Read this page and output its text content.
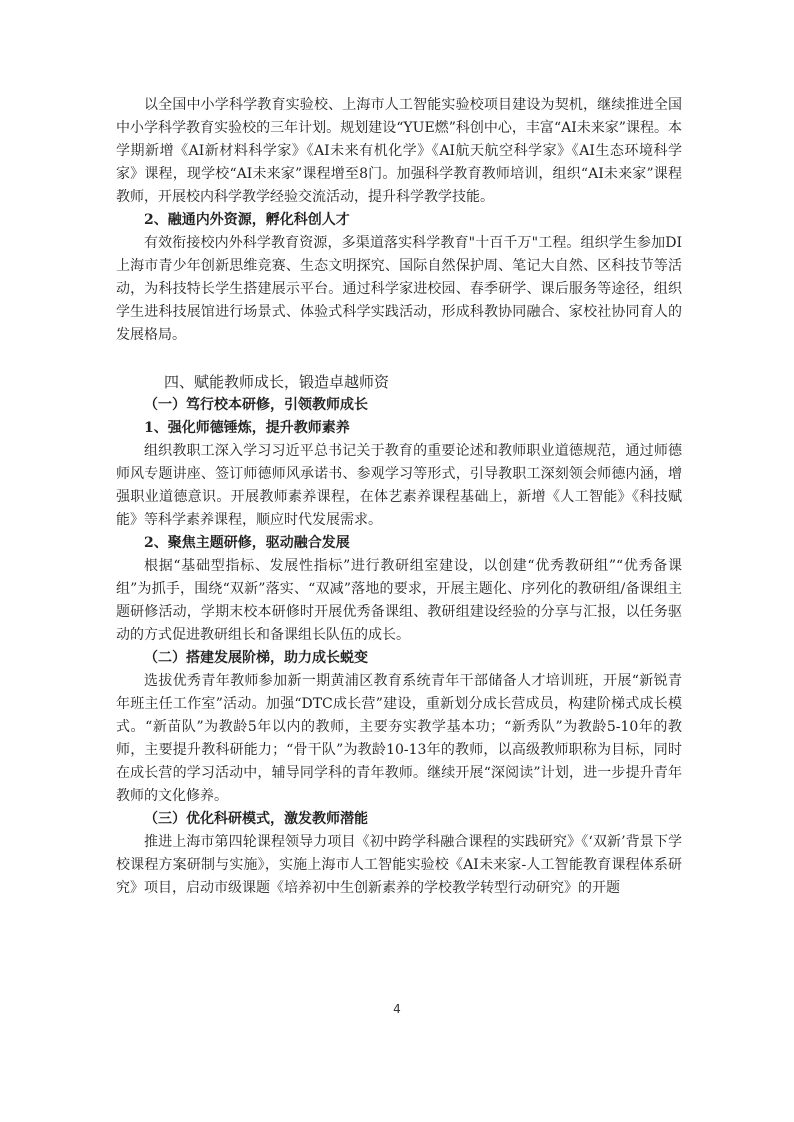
以全国中小学科学教育实验校、上海市人工智能实验校项目建设为契机，继续推进全国中小学科学教育实验校的三年计划。规划建设“YUE燃”科创中心，丰富“AI未来家”课程。本学期新增《AI新材料科学家》《AI未来有机化学》《AI航天航空科学家》《AI生态环境科学家》课程，现学校“AI未来家”课程增至8门。加强科学教育教师培训，组织“AI未来家”课程教师，开展校内科学教学经验交流活动，提升科学教学技能。

2、融通内外资源，孵化科创人才

有效衔接校内外科学教育资源，多渠道落实科学教育"十百千万"工程。组织学生参加DI上海市青少年创新思维竞赛、生态文明探究、国际自然保护周、笔记大自然、区科技节等活动，为科技特长学生搭建展示平台。通过科学家进校园、春季研学、课后服务等途径，组织学生进科技展馆进行场景式、体验式科学实践活动，形成科教协同融合、家校社协同育人的发展格局。

四、赋能教师成长，锻造卓越师资

（一）笃行校本研修，引领教师成长

1、强化师德锤炼，提升教师素养

组织教职工深入学习习近平总书记关于教育的重要论述和教师职业道德规范，通过师德师风专题讲座、签订师德师风承诺书、参观学习等形式，引导教职工深刻领会师德内涵，增强职业道德意识。开展教师素养课程，在体艺素养课程基础上，新增《人工智能》《科技赋能》等科学素养课程，顺应时代发展需求。

2、聚焦主题研修，驱动融合发展

根据“基础型指标、发展性指标”进行教研组室建设，以创建“优秀教研组”“优秀备课组”为抓手，围绕“双新”落实、“双减”落地的要求，开展主题化、序列化的教研组/备课组主题研修活动，学期末校本研修时开展优秀备课组、教研组建设经验的分享与汇报，以任务驱动的方式促进教研组长和备课组长队伍的成长。

（二）搭建发展阶梯，助力成长蜕变

选拔优秀青年教师参加新一期黄浦区教育系统青年干部储备人才培训班，开展“新锐青年班主任工作室”活动。加强“DTC成长营”建设，重新划分成长营成员，构建阶梯式成长模式。“新苗队”为教龄5年以内的教师，主要夯实教学基本功；“新秀队”为教龄5-10年的教师，主要提升教科研能力；“骨干队”为教龄10-13年的教师，以高级教师职称为目标，同时在成长营的学习活动中，辅导同学科的青年教师。继续开展“深阅读”计划，进一步提升青年教师的文化修养。

（三）优化科研模式，激发教师潜能

推进上海市第四轮课程领导力项目《初中跨学科融合课程的实践研究》《‘双新’背景下学校课程方案研制与实施》，实施上海市人工智能实验校《AI未来家-人工智能教育课程体系研究》项目，启动市级课题《培养初中生创新素养的学校教学转型行动研究》的开题

4
